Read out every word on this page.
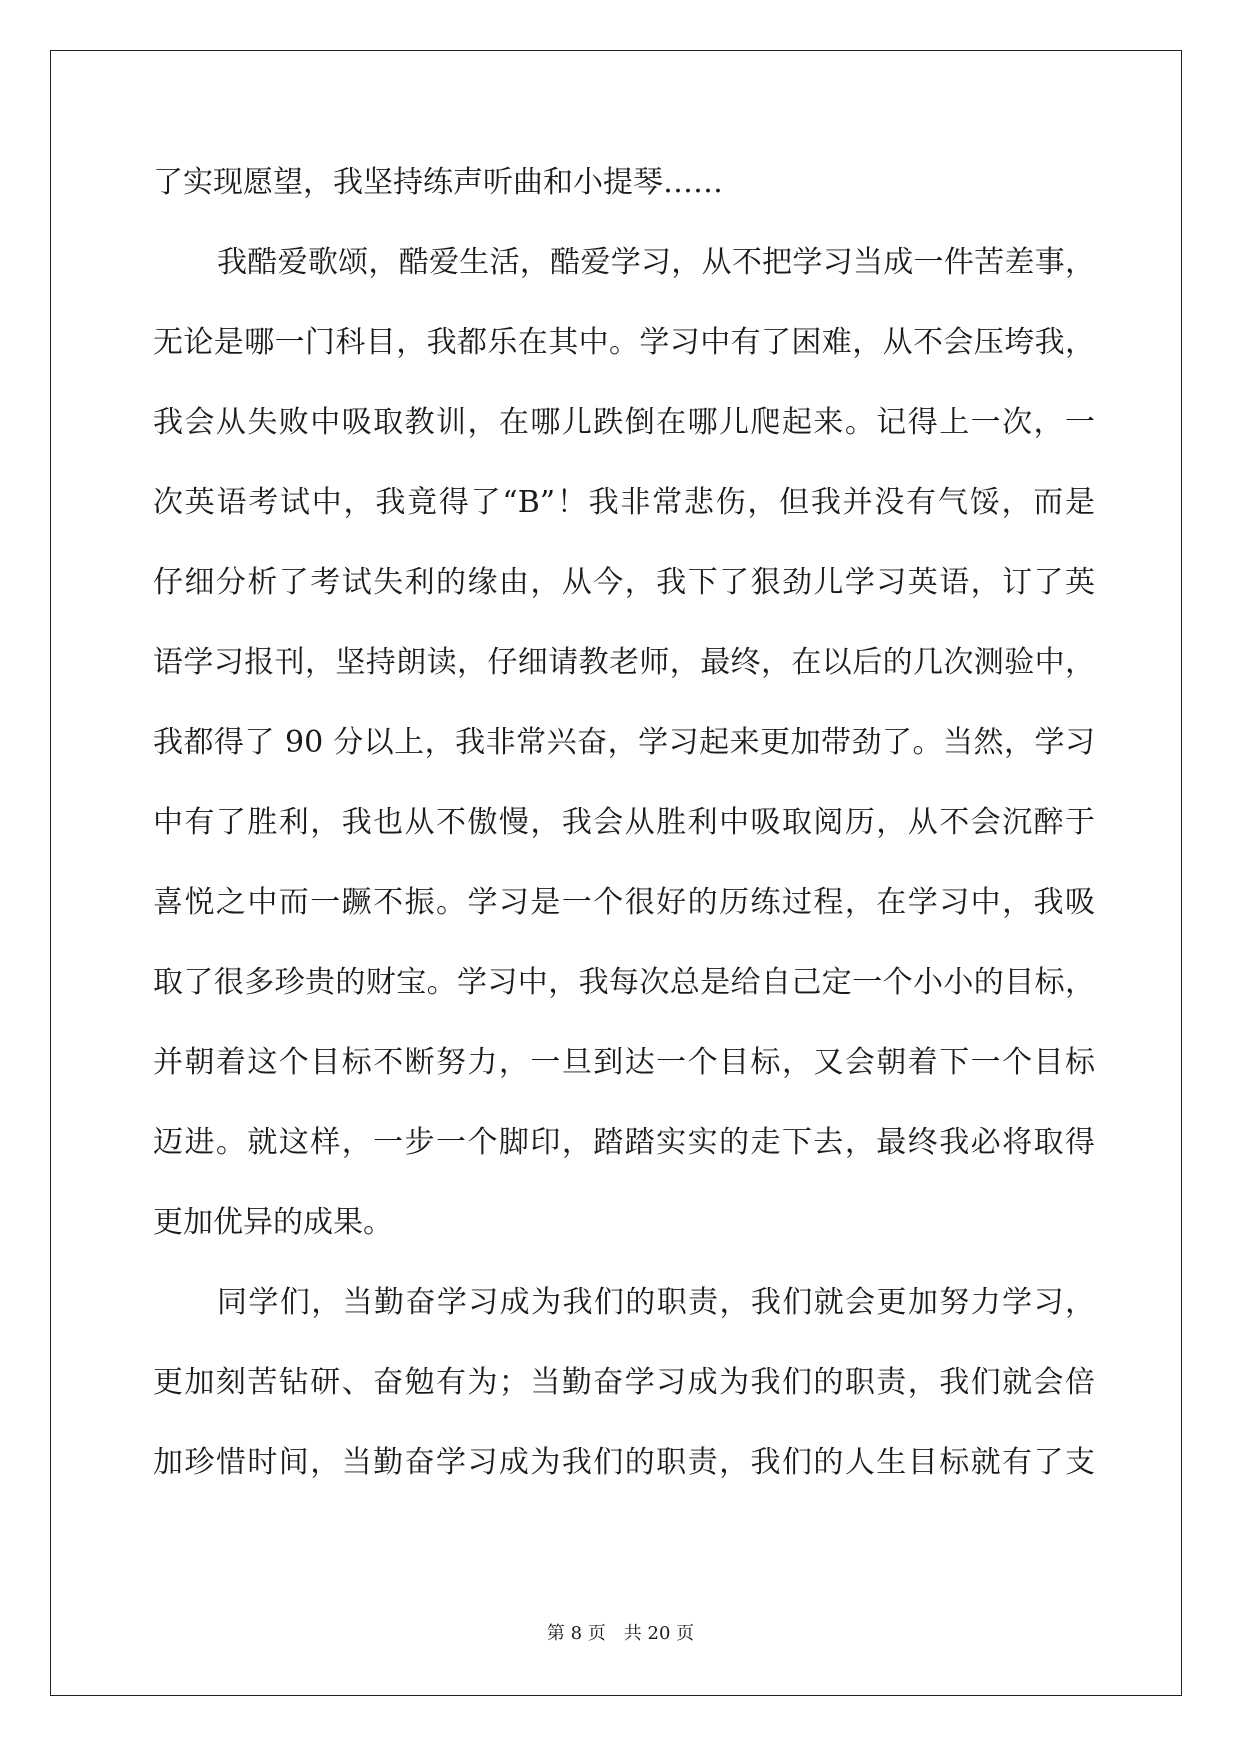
了实现愿望，我坚持练声听曲和小提琴……
我酷爱歌颂，酷爱生活，酷爱学习，从不把学习当成一件苦差事，
无论是哪一门科目，我都乐在其中。学习中有了困难，从不会压垮我，
我会从失败中吸取教训，在哪儿跌倒在哪儿爬起来。记得上一次，一
次英语考试中，我竟得了“B”！我非常悲伤，但我并没有气馁，而是
仔细分析了考试失利的缘由，从今，我下了狠劲儿学习英语，订了英
语学习报刊，坚持朗读，仔细请教老师，最终，在以后的几次测验中，
我都得了 90 分以上，我非常兴奋，学习起来更加带劲了。当然，学习
中有了胜利，我也从不傲慢，我会从胜利中吸取阅历，从不会沉醉于
喜悦之中而一蹶不振。学习是一个很好的历练过程，在学习中，我吸
取了很多珍贵的财宝。学习中，我每次总是给自己定一个小小的目标，
并朝着这个目标不断努力，一旦到达一个目标，又会朝着下一个目标
迈进。就这样，一步一个脚印，踏踏实实的走下去，最终我必将取得
更加优异的成果。
同学们，当勤奋学习成为我们的职责，我们就会更加努力学习，
更加刻苦钻研、奋勉有为；当勤奋学习成为我们的职责，我们就会倍
加珍惜时间，当勤奋学习成为我们的职责，我们的人生目标就有了支
第 8 页 共 20 页
